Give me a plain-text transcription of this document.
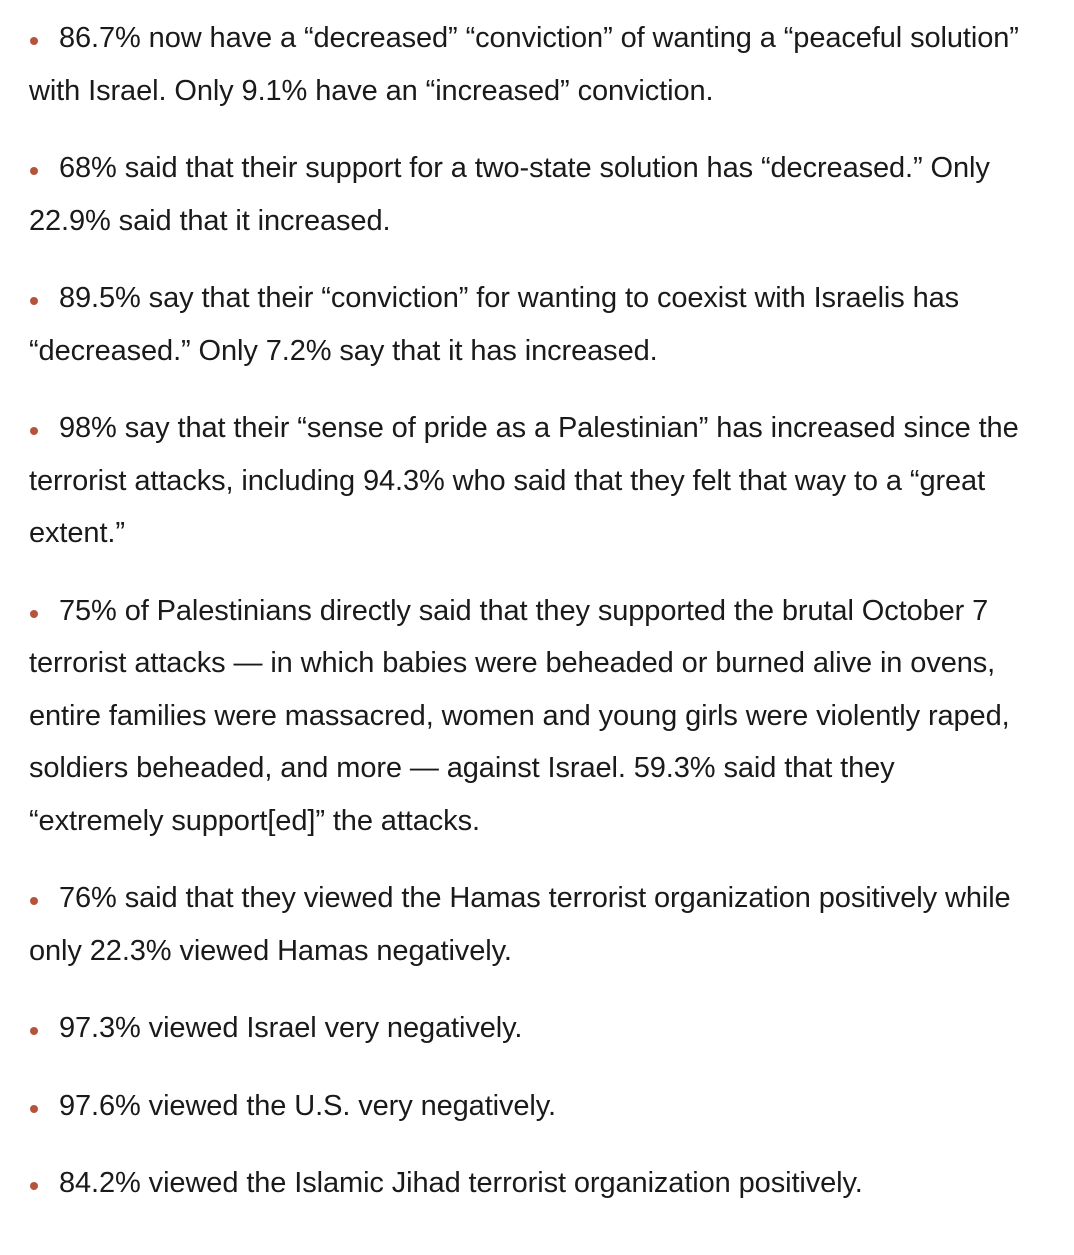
86.7% now have a “decreased” “conviction” of wanting a “peaceful solution” with Israel. Only 9.1% have an “increased” conviction.
68% said that their support for a two-state solution has “decreased.” Only 22.9% said that it increased.
89.5% say that their “conviction” for wanting to coexist with Israelis has “decreased.” Only 7.2% say that it has increased.
98% say that their “sense of pride as a Palestinian” has increased since the terrorist attacks, including 94.3% who said that they felt that way to a “great extent.”
75% of Palestinians directly said that they supported the brutal October 7 terrorist attacks — in which babies were beheaded or burned alive in ovens, entire families were massacred, women and young girls were violently raped, soldiers beheaded, and more — against Israel. 59.3% said that they “extremely support[ed]” the attacks.
76% said that they viewed the Hamas terrorist organization positively while only 22.3% viewed Hamas negatively.
97.3% viewed Israel very negatively.
97.6% viewed the U.S. very negatively.
84.2% viewed the Islamic Jihad terrorist organization positively.
